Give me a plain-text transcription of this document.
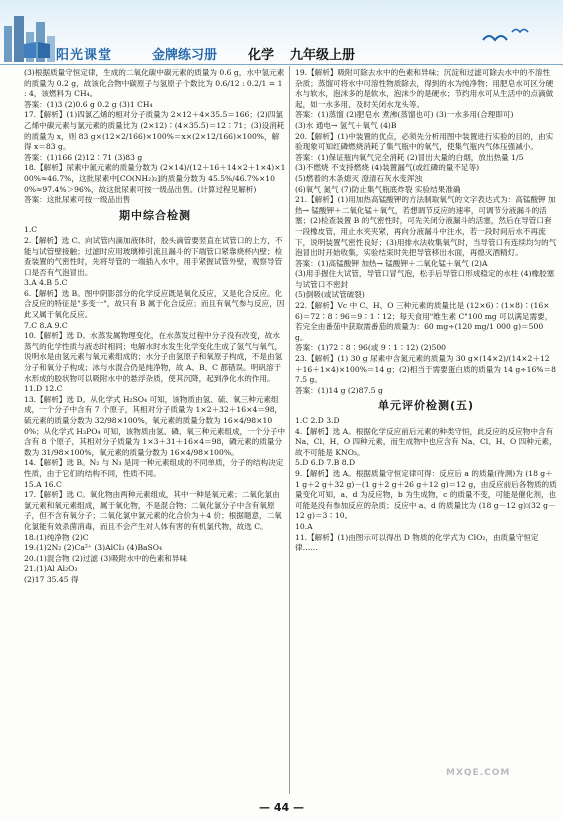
阳光课堂	金牌练习册 化学 九年级上册
(3)根据质量守恒定律，生成的二氧化碳中碳元素的质量为 0.6 g，水中氢元素的质量为 0.2 g，故该化合物中碳原子与氢原子个数比为 0.6/12 : 0.2/1 = 1 : 4，该燃料为 CH₄。
答案：(1)3 (2)0.6 g 0.2 g (3)1 CH₄
17.【解析】(1)四氯乙烯的相对分子质量为 2×12＋4×35.5＝166；(2)四氯乙烯中碳元素与氯元素的质量比为 (2×12)∶(4×35.5)＝12∶71；(3)设消耗的质量为 x，则 83 g×(12×2/166)×100%＝x×(2×12/166)×100%，解得 x＝83 g。
答案：(1)166 (2)12∶71 (3)83 g
18.【解析】尿素中氮元素的质量分数为 (2×14)/(12＋16＋14×2＋1×4)×100%≈46.7%，这批尿素中[CO(NH₂)₂]的质量分数为 45.5%/46.7%×100%≈97.4%＞96%，故这批尿素可按一级品出售。(计算过程见解析)
答案：这批尿素可按一级品出售
期中综合检测
1.C
2.【解析】选 C。向试管内滴加液体时，胶头滴管要竖直在试管口的上方，不能与试管壁接触；过滤时应用玻璃棒引流且漏斗的下端管口紧靠烧杯内壁；检查装置的气密性时，先将导管的一端插入水中，用手紧握试管外壁，观察导管口是否有气泡冒出。
3.A 4.B 5.C
6.【解析】选 B。图中阴影部分的化学反应既是氧化反应，又是化合反应。化合反应的特征是"多变一"，故只有 B 属于化合反应；而且有氧气参与反应，因此又属于氧化反应。
7.C 8.A 9.C
10.【解析】选 D。水蒸发属物理变化，在水蒸发过程中分子没有改变，故水蒸气的化学性质与液态时相同；电解水时水发生化学变化生成了氢气与氧气，说明水是由氢元素与氧元素组成的；水分子由氢原子和氧原子构成，不是由氢分子和氧分子构成；冰与水混合仍是纯净物，故 A、B、C 都错误。明矾溶于水形成的胶状物可以吸附水中的悬浮杂质，使其沉降，起到净化水的作用。
11.D 12.C
13.【解析】选 D。从化学式 H₂SO₄ 可知，该物质由氢、硫、氧三种元素组成，一个分子中含有 7 个原子，其相对分子质量为 1×2＋32＋16×4＝98，硫元素的质量分数为 32/98×100%，氧元素的质量分数为 16×4/98×100%；从化学式 H₃PO₄ 可知，该物质由氢、磷、氧三种元素组成，一个分子中含有 8 个原子，其相对分子质量为 1×3＋31＋16×4＝98，磷元素的质量分数为 31/98×100%，氧元素的质量分数为 16×4/98×100%。
14.【解析】选 B。N₂ 与 N₃ 是同一种元素组成的不同单质，分子的结构决定性质，由于它们的结构不同，性质不同。
15.A 16.C
17.【解析】选 C。氧化物由两种元素组成，其中一种是氧元素；二氧化氯由氯元素和氧元素组成，属于氧化物，不是混合物；二氧化氯分子中含有氧原子，但不含有氧分子；二氧化氯中氯元素的化合价为＋4 价；根据题意，二氧化氯能有效杀菌消毒，而且不会产生对人体有害的有机氯代物，故选 C。
18.(1)纯净物 (2)C
19.(1)2N₂ (2)Ca²⁺ (3)AlCl₃ (4)BaSO₄
20.(1)混合物 (2)过滤 (3)吸附水中的色素和异味
21.(1)Al Al₂O₃
(2)17 35.45 得
19.【解析】吸附可除去水中的色素和异味；沉淀和过滤可除去水中的不溶性杂质；蒸馏可将水中可溶性物质除去，得到的水为纯净物；用肥皂水可区分硬水与软水，泡沫多的是软水，泡沫少的是硬水；节约用水可从生活中的点滴做起，如一水多用、及时关闭水龙头等。
答案：(1)蒸馏 (2)肥皂水 煮沸(蒸馏也可) (3)一水多用(合理即可)
(3)水 通电→ 氢气＋氧气 (4)B
20.【解析】(1)中装置的优点，必须先分析用图中装置进行实验的目的，由实验现象可知红磷燃烧消耗了集气瓶中的氧气，使集气瓶内气体压强减小。
答案：(1)保证瓶内氧气完全消耗 (2)冒出大量的白烟，放出热量 1/5
(3)不燃烧 不支持燃烧 (4)装置漏气(或红磷的量不足等)
(5)燃着的木条熄灭 澄清石灰水变浑浊
(6)氧气 氮气 (7)防止集气瓶底炸裂 实验结果准确
21.【解析】(1)用加热高锰酸钾的方法制取氧气的文字表达式为：高锰酸钾 加热→ 锰酸钾＋二氧化锰＋氧气，若想调节反应的速率，可调节分液漏斗的活塞；(2)检查装置 B 的气密性时，可先关闭分液漏斗的活塞，然后在导管口套一段橡皮管，用止水夹夹紧，再向分液漏斗中注水，若一段时间后水不再流下，说明装置气密性良好；(3)用排水法收集氧气时，当导管口有连续均匀的气泡冒出时开始收集，实验结束时先把导管移出水面，再熄灭酒精灯。
答案：(1)高锰酸钾 加热→ 锰酸钾＋二氧化锰＋氧气 (2)A
(3)用手握住大试管，导管口冒气泡，松手后导管口形成稳定的水柱 (4)橡胶塞与试管口不密封
(5)倒吸(或试管破裂)
22.【解析】Vc 中 C、H、O 三种元素的质量比是 (12×6)∶(1×8)∶(16×6)＝72∶8∶96＝9∶1∶12；每天食用"维生素 C"100 mg 可以满足需要，若完全由番茄中获取需番茄的质量为：60 mg÷(120 mg/1 000 g)＝500 g。
答案：(1)72∶8∶96(或 9∶1∶12) (2)500
23.【解析】(1) 30 g 尿素中含氮元素的质量为 30 g×(14×2)/(14×2＋12＋16＋1×4)×100%＝14 g；(2)相当于需要蛋白质的质量为 14 g÷16%＝87.5 g。
答案：(1)14 g (2)87.5 g
单元评价检测(五)
1.C 2.D 3.D
4.【解析】选 A。根据化学反应前后元素的种类守恒，此反应的反应物中含有 Na、Cl、H、O 四种元素，而生成物中也应含有 Na、Cl、H、O 四种元素，故不可能是 KNO₃。
5.D 6.D 7.B 8.D
9.【解析】选 A。根据质量守恒定律可得：反应后 a 的质量(待测)为 (18 g＋1 g＋2 g＋32 g)－(1 g＋2 g＋26 g＋12 g)＝12 g，由反应前后各物质的质量变化可知，a、d 为反应物，b 为生成物，c 的质量不变，可能是催化剂，也可能是没有参加反应的杂质；反应中 a、d 的质量比为 (18 g－12 g)∶(32 g－12 g)＝3∶10。
10.A
11.【解析】(1)由图示可以得出 D 物质的化学式为 ClO₂，由质量守恒定律……
MXQE.COM
— 44 —
